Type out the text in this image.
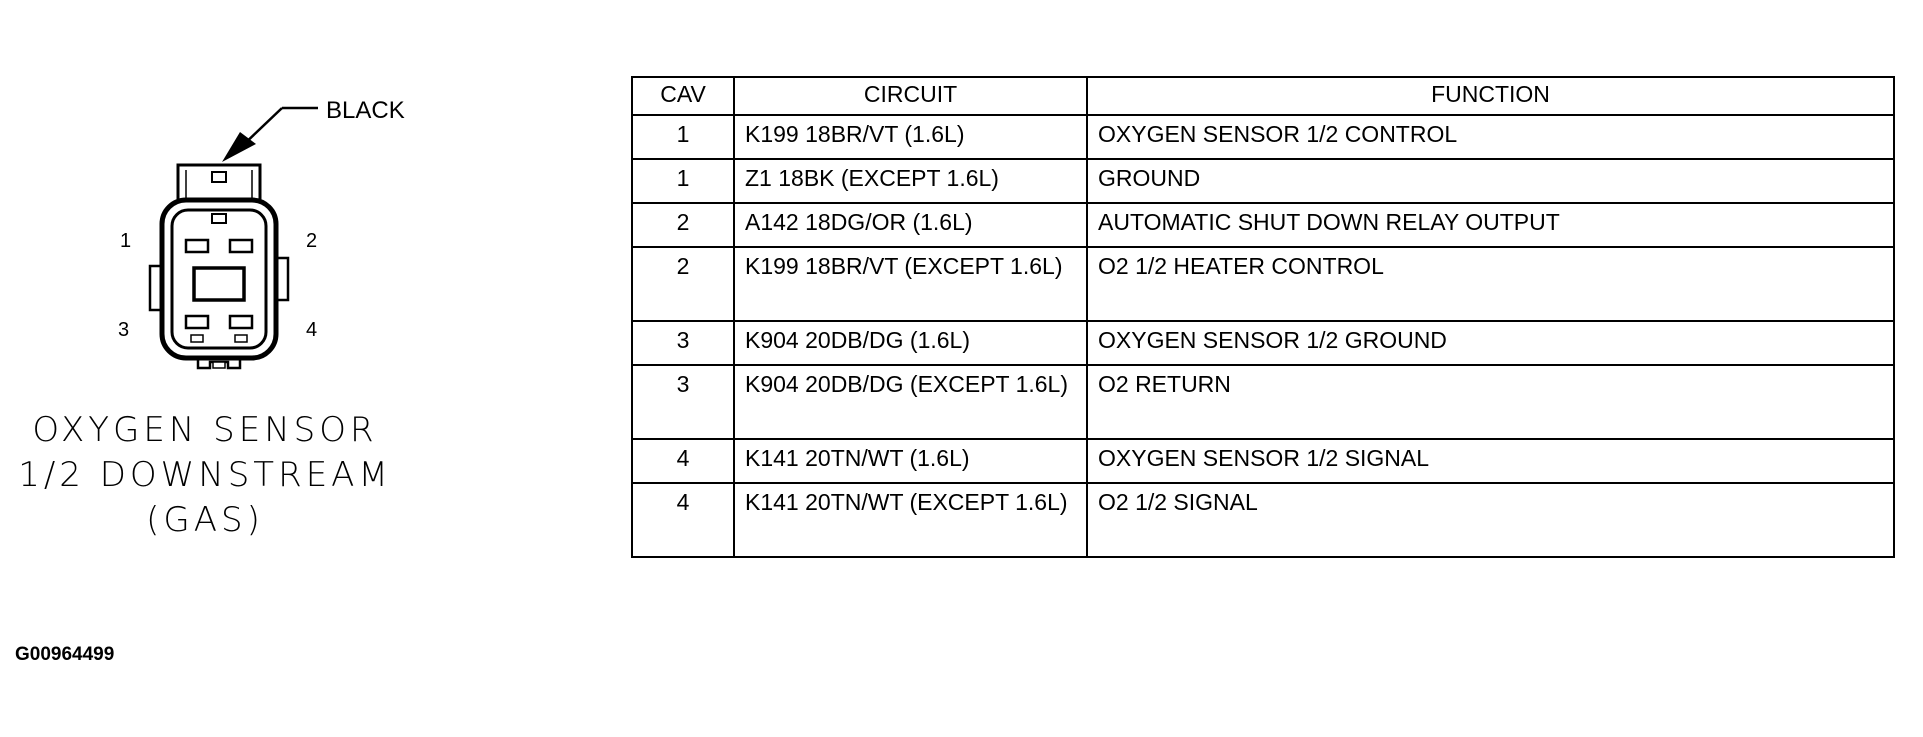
BLACK
1	2
3	4
OXYGEN SENSOR
1/2 DOWNSTREAM
(GAS)
G00964499
CAV	CIRCUIT	FUNCTION
1	K199 18BR/VT (1.6L)	OXYGEN SENSOR 1/2 CONTROL
1	Z1 18BK (EXCEPT 1.6L)	GROUND
2	A142 18DG/OR (1.6L)	AUTOMATIC SHUT DOWN RELAY OUTPUT
2	K199 18BR/VT (EXCEPT 1.6L)	O2 1/2 HEATER CONTROL
3	K904 20DB/DG (1.6L)	OXYGEN SENSOR 1/2 GROUND
3	K904 20DB/DG (EXCEPT 1.6L)	O2 RETURN
4	K141 20TN/WT (1.6L)	OXYGEN SENSOR 1/2 SIGNAL
4	K141 20TN/WT (EXCEPT 1.6L)	O2 1/2 SIGNAL
